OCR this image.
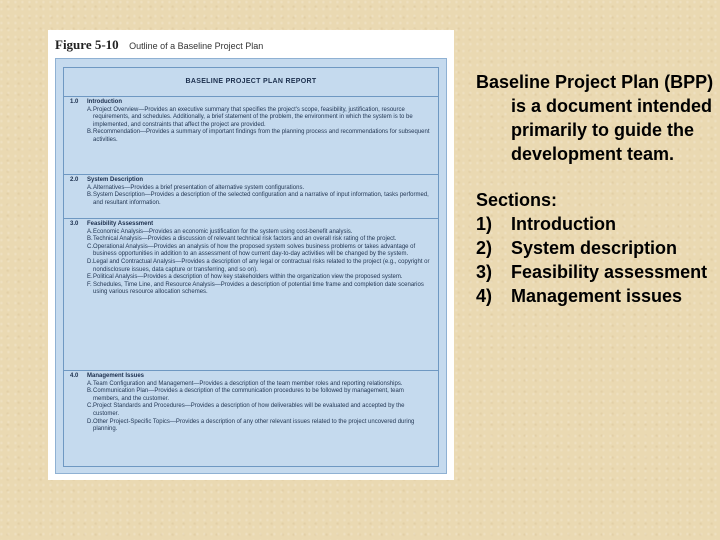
Figure 5-10 Outline of a Baseline Project Plan
BASELINE PROJECT PLAN REPORT
1.0 Introduction
A. Project Overview—Provides an executive summary that specifies the project's scope, feasibility, justification, resource requirements, and schedules. Additionally, a brief statement of the problem, the environment in which the system is to be implemented, and constraints that affect the project are provided.
B. Recommendation—Provides a summary of important findings from the planning process and recommendations for subsequent activities.
2.0 System Description
A. Alternatives—Provides a brief presentation of alternative system configurations.
B. System Description—Provides a description of the selected configuration and a narrative of input information, tasks performed, and resultant information.
3.0 Feasibility Assessment
A. Economic Analysis—Provides an economic justification for the system using cost-benefit analysis.
B. Technical Analysis—Provides a discussion of relevant technical risk factors and an overall risk rating of the project.
C. Operational Analysis—Provides an analysis of how the proposed system solves business problems or takes advantage of business opportunities in addition to an assessment of how current day-to-day activities will be changed by the system.
D. Legal and Contractual Analysis—Provides a description of any legal or contractual risks related to the project (e.g., copyright or nondisclosure issues, data capture or transferring, and so on).
E. Political Analysis—Provides a description of how key stakeholders within the organization view the proposed system.
F. Schedules, Time Line, and Resource Analysis—Provides a description of potential time frame and completion date scenarios using various resource allocation schemes.
4.0 Management Issues
A. Team Configuration and Management—Provides a description of the team member roles and reporting relationships.
B. Communication Plan—Provides a description of the communication procedures to be followed by management, team members, and the customer.
C. Project Standards and Procedures—Provides a description of how deliverables will be evaluated and accepted by the customer.
D. Other Project-Specific Topics—Provides a description of any other relevant issues related to the project uncovered during planning.
Baseline Project Plan (BPP) is a document intended primarily to guide the development team.
Sections:
1) Introduction
2) System description
3) Feasibility assessment
4) Management issues
